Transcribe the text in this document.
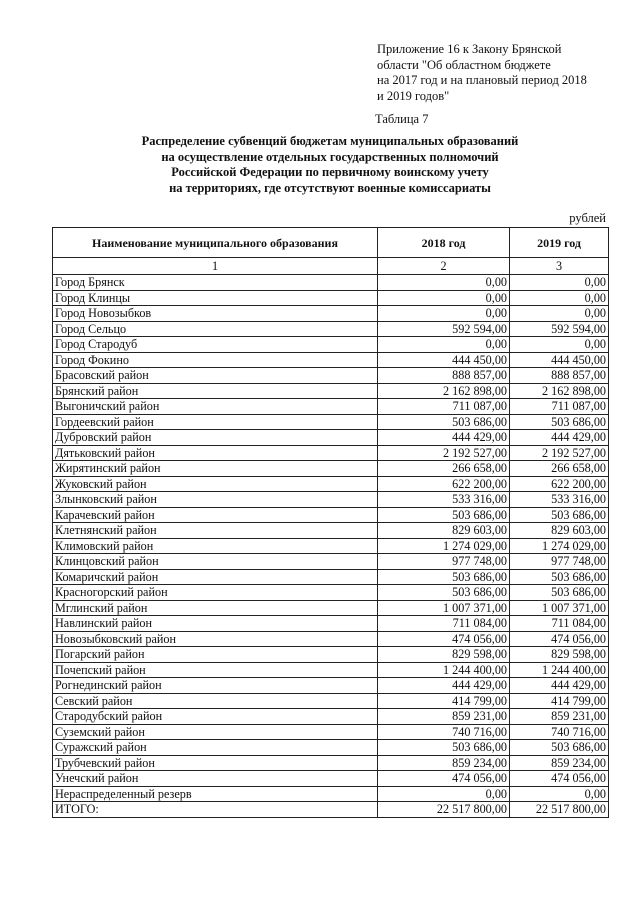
Приложение 16 к Закону Брянской
области "Об областном бюджете
на 2017 год и на плановый период 2018
и 2019 годов"
Таблица 7
Распределение субвенций бюджетам муниципальных образований
на осуществление отдельных государственных полномочий
Российской Федерации по первичному воинскому учету
на территориях, где отсутствуют военные комиссариаты
рублей
Наименование муниципального образования	2018 год	2019 год
1	2	3
Город Брянск	0,00	0,00
Город Клинцы	0,00	0,00
Город Новозыбков	0,00	0,00
Город Сельцо	592 594,00	592 594,00
Город Стародуб	0,00	0,00
Город Фокино	444 450,00	444 450,00
Брасовский район	888 857,00	888 857,00
Брянский район	2 162 898,00	2 162 898,00
Выгоничский район	711 087,00	711 087,00
Гордеевский район	503 686,00	503 686,00
Дубровский район	444 429,00	444 429,00
Дятьковский район	2 192 527,00	2 192 527,00
Жирятинский район	266 658,00	266 658,00
Жуковский район	622 200,00	622 200,00
Злынковский район	533 316,00	533 316,00
Карачевский район	503 686,00	503 686,00
Клетнянский район	829 603,00	829 603,00
Климовский район	1 274 029,00	1 274 029,00
Клинцовский район	977 748,00	977 748,00
Комаричский район	503 686,00	503 686,00
Красногорский район	503 686,00	503 686,00
Мглинский район	1 007 371,00	1 007 371,00
Навлинский район	711 084,00	711 084,00
Новозыбковский район	474 056,00	474 056,00
Погарский район	829 598,00	829 598,00
Почепский район	1 244 400,00	1 244 400,00
Рогнединский район	444 429,00	444 429,00
Севский район	414 799,00	414 799,00
Стародубский район	859 231,00	859 231,00
Суземский район	740 716,00	740 716,00
Суражский район	503 686,00	503 686,00
Трубчевский район	859 234,00	859 234,00
Унечский район	474 056,00	474 056,00
Нераспределенный резерв	0,00	0,00
ИТОГО:	22 517 800,00	22 517 800,00
